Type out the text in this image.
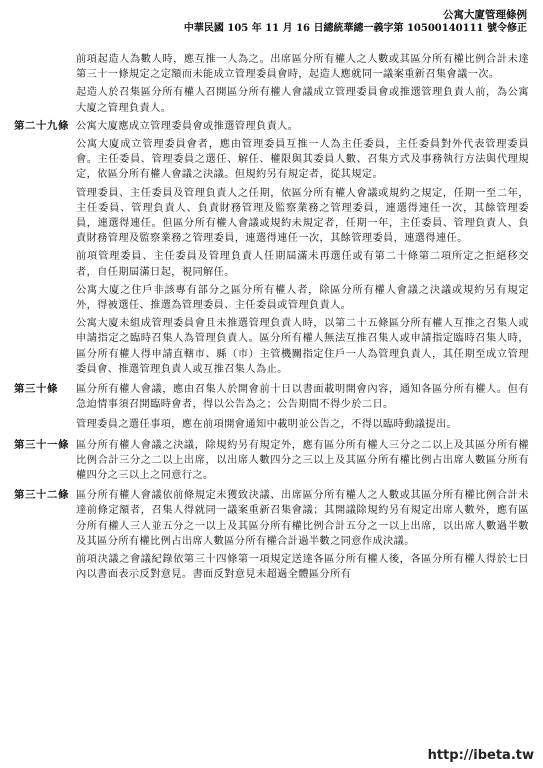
公寓大廈管理條例
中華民國 105 年 11 月 16 日總統華總一義字第 10500140111 號令修正
前項起造人為數人時，應互推一人為之。出席區分所有權人之人數或其區分所有權比例合計未達第三十一條規定之定額而未能成立管理委員會時，起造人應就同一議案重新召集會議一次。
起造人於召集區分所有權人召開區分所有權人會議成立管理委員會或推選管理負責人前，為公寓大廈之管理負責人。
第二十九條 公寓大廈應成立管理委員會或推選管理負責人。
公寓大廈成立管理委員會者，應由管理委員互推一人為主任委員，主任委員對外代表管理委員會。主任委員、管理委員之選任、解任、權限與其委員人數、召集方式及事務執行方法與代理規定，依區分所有權人會議之決議。但規約另有規定者，從其規定。
管理委員、主任委員及管理負責人之任期，依區分所有權人會議或規約之規定，任期一至二年，主任委員、管理負責人、負責財務管理及監察業務之管理委員，連選得連任一次，其餘管理委員，連選得連任。但區分所有權人會議或規約未規定者，任期一年，主任委員、管理負責人、負責財務管理及監察業務之管理委員，連選得連任一次，其餘管理委員，連選得連任。
前項管理委員、主任委員及管理負責人任期屆滿未再選任或有第二十條第二項所定之拒絕移交者，自任期屆滿日起，視同解任。
公寓大廈之住戶非該專有部分之區分所有權人者，除區分所有權人會議之決議或規約另有規定外，得被選任、推選為管理委員、主任委員或管理負責人。
公寓大廈未組成管理委員會且未推選管理負責人時，以第二十五條區分所有權人互推之召集人或申請指定之臨時召集人為管理負責人。區分所有權人無法互推召集人或申請指定臨時召集人時，區分所有權人得申請直轄市、縣（市）主管機關指定住戶一人為管理負責人，其任期至成立管理委員會、推選管理負責人或互推召集人為止。
第三十條	區分所有權人會議，應由召集人於開會前十日以書面載明開會內容，通知各區分所有權人。但有急迫情事須召開臨時會者，得以公告為之；公告期間不得少於二日。
管理委員之選任事項，應在前項開會通知中載明並公告之，不得以臨時動議提出。
第三十一條 區分所有權人會議之決議，除規約另有規定外，應有區分所有權人三分之二以上及其區分所有權比例合計三分之二以上出席，以出席人數四分之三以上及其區分所有權比例占出席人數區分所有權四分之三以上之同意行之。
第三十二條 區分所有權人會議依前條規定未獲致決議、出席區分所有權人之人數或其區分所有權比例合計未達前條定額者，召集人得就同一議案重新召集會議；其開議除規約另有規定出席人數外，應有區分所有權人三人並五分之一以上及其區分所有權比例合計五分之一以上出席，以出席人數過半數及其區分所有權比例占出席人數區分所有權合計過半數之同意作成決議。
前項決議之會議紀錄依第三十四條第一項規定送達各區分所有權人後，各區分所有權人得於七日內以書面表示反對意見。書面反對意見未超過全體區分所有
http://ibeta.tw
